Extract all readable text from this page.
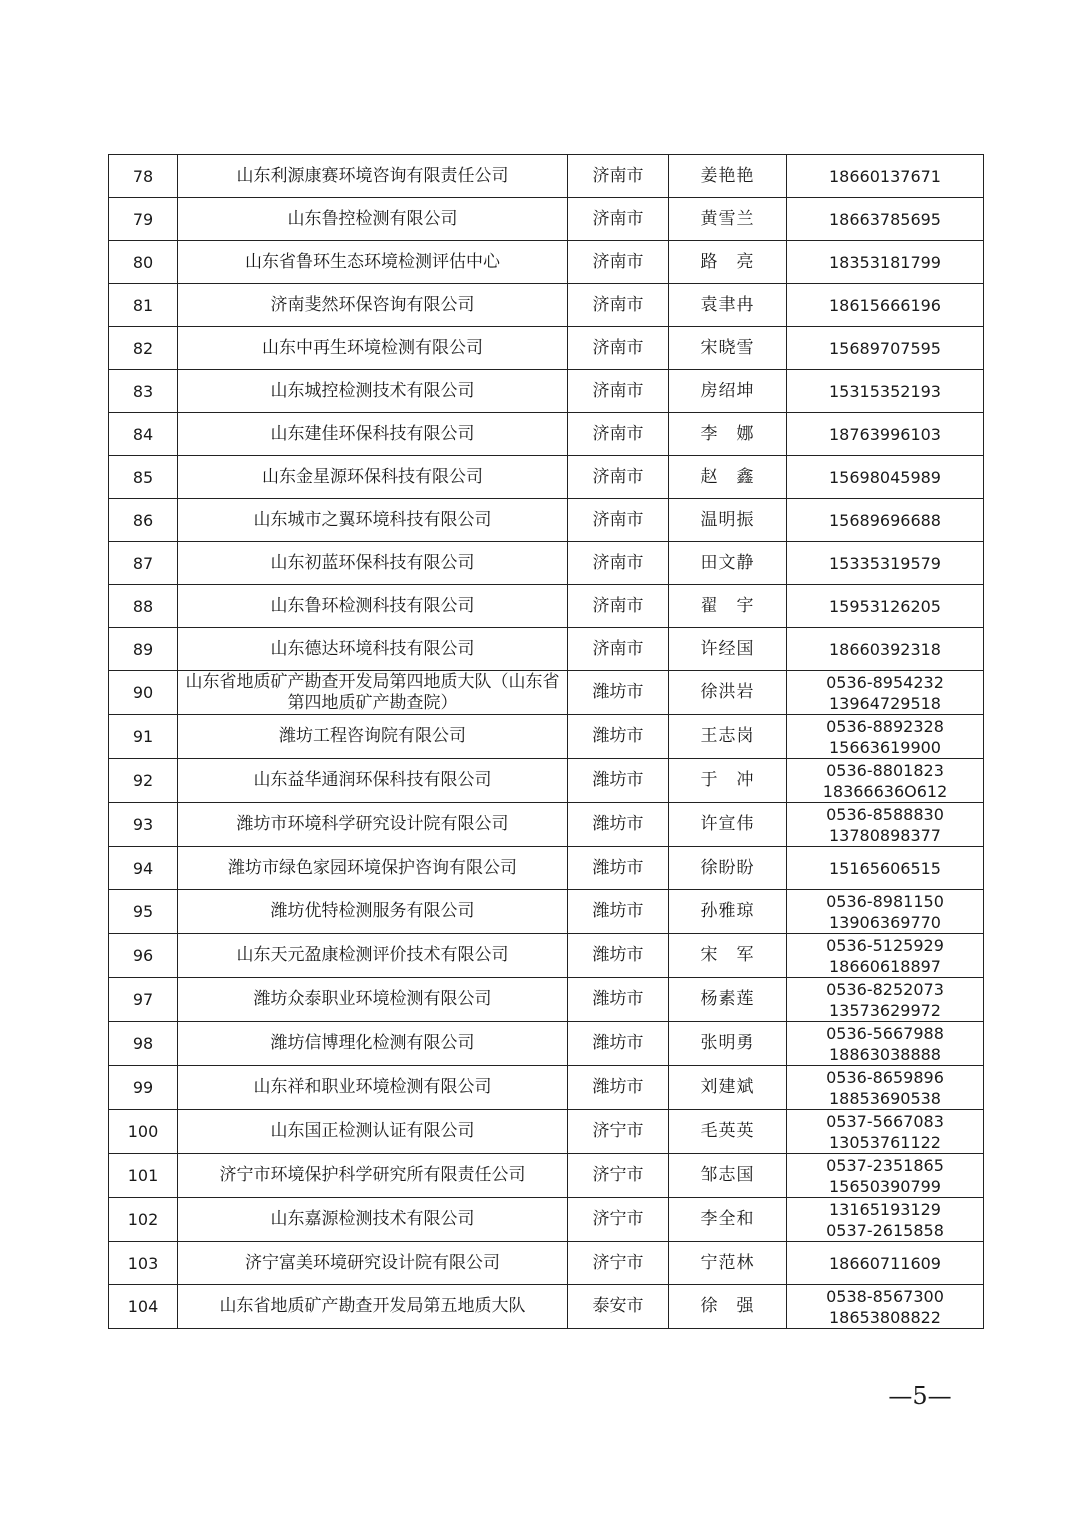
78	山东利源康赛环境咨询有限责任公司	济南市	姜艳艳	18660137671

79	山东鲁控检测有限公司	济南市	黄雪兰	18663785695

80	山东省鲁环生态环境检测评估中心	济南市	路　亮	18353181799

81	济南斐然环保咨询有限公司	济南市	袁聿冉	18615666196

82	山东中再生环境检测有限公司	济南市	宋晓雪	15689707595

83	山东城控检测技术有限公司	济南市	房绍坤	15315352193

84	山东建佳环保科技有限公司	济南市	李　娜	18763996103

85	山东金星源环保科技有限公司	济南市	赵　鑫	15698045989

86	山东城市之翼环境科技有限公司	济南市	温明振	15689696688

87	山东初蓝环保科技有限公司	济南市	田文静	15335319579

88	山东鲁环检测科技有限公司	济南市	翟　宇	15953126205

89	山东德达环境科技有限公司	济南市	许经国	18660392318

90	山东省地质矿产勘查开发局第四地质大队（山东省第四地质矿产勘查院）	潍坊市	徐洪岩	0536-8954232
13964729518

91	潍坊工程咨询院有限公司	潍坊市	王志岗	0536-8892328
15663619900

92	山东益华通润环保科技有限公司	潍坊市	于　冲	0536-8801823
18366636O612

93	潍坊市环境科学研究设计院有限公司	潍坊市	许宣伟	0536-8588830
13780898377

94	潍坊市绿色家园环境保护咨询有限公司	潍坊市	徐盼盼	15165606515

95	潍坊优特检测服务有限公司	潍坊市	孙雅琼	0536-8981150
13906369770

96	山东天元盈康检测评价技术有限公司	潍坊市	宋　军	0536-5125929
18660618897

97	潍坊众泰职业环境检测有限公司	潍坊市	杨素莲	0536-8252073
13573629972

98	潍坊信博理化检测有限公司	潍坊市	张明勇	0536-5667988
18863038888

99	山东祥和职业环境检测有限公司	潍坊市	刘建斌	0536-8659896
18853690538

100	山东国正检测认证有限公司	济宁市	毛英英	0537-5667083
13053761122

101	济宁市环境保护科学研究所有限责任公司	济宁市	邹志国	0537-2351865
15650390799

102	山东嘉源检测技术有限公司	济宁市	李全和	13165193129
0537-2615858

103	济宁富美环境研究设计院有限公司	济宁市	宁范林	18660711609

104	山东省地质矿产勘查开发局第五地质大队	泰安市	徐　强	0538-8567300
18653808822
—5—
